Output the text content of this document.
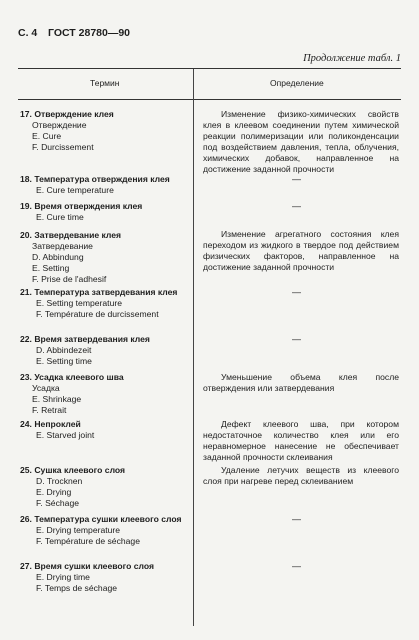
С. 4 ГОСТ 28780—90
Продолжение табл. 1
Термин	Определение
17. Отверждение клея
Отверждение
E. Cure
F. Durcissement
Изменение физико-химических свойств клея в клеевом соединении путем химической реакции полимеризации или поликонденсации под воздействием давления, тепла, облучения, химических добавок, направленное на достижение заданной прочности
18. Температура отверждения клея
E. Cure temperature
—
19. Время отверждения клея
E. Cure time
—
20. Затвердевание клея
Затвердевание
D. Abbindung
E. Setting
F. Prise de l'adhesif
Изменение агрегатного состояния клея переходом из жидкого в твердое под действием физических факторов, направленное на достижение заданной прочности
21. Температура затвердевания клея
E. Setting temperature
F. Température de durcissement
—
22. Время затвердевания клея
D. Abbindezeit
E. Setting time
—
23. Усадка клеевого шва
Усадка
E. Shrinkage
F. Retrait
Уменьшение объема клея после отверждения или затвердевания
24. Непроклей
E. Starved joint
Дефект клеевого шва, при котором недостаточное количество клея или его неравномерное нанесение не обеспечивает заданной прочности склеивания
25. Сушка клеевого слоя
D. Trocknen
E. Drying
F. Séchage
Удаление летучих веществ из клеевого слоя при нагреве перед склеиванием
26. Температура сушки клеевого слоя
E. Drying temperature
F. Température de séchage
—
27. Время сушки клеевого слоя
E. Drying time
F. Temps de séchage
—
